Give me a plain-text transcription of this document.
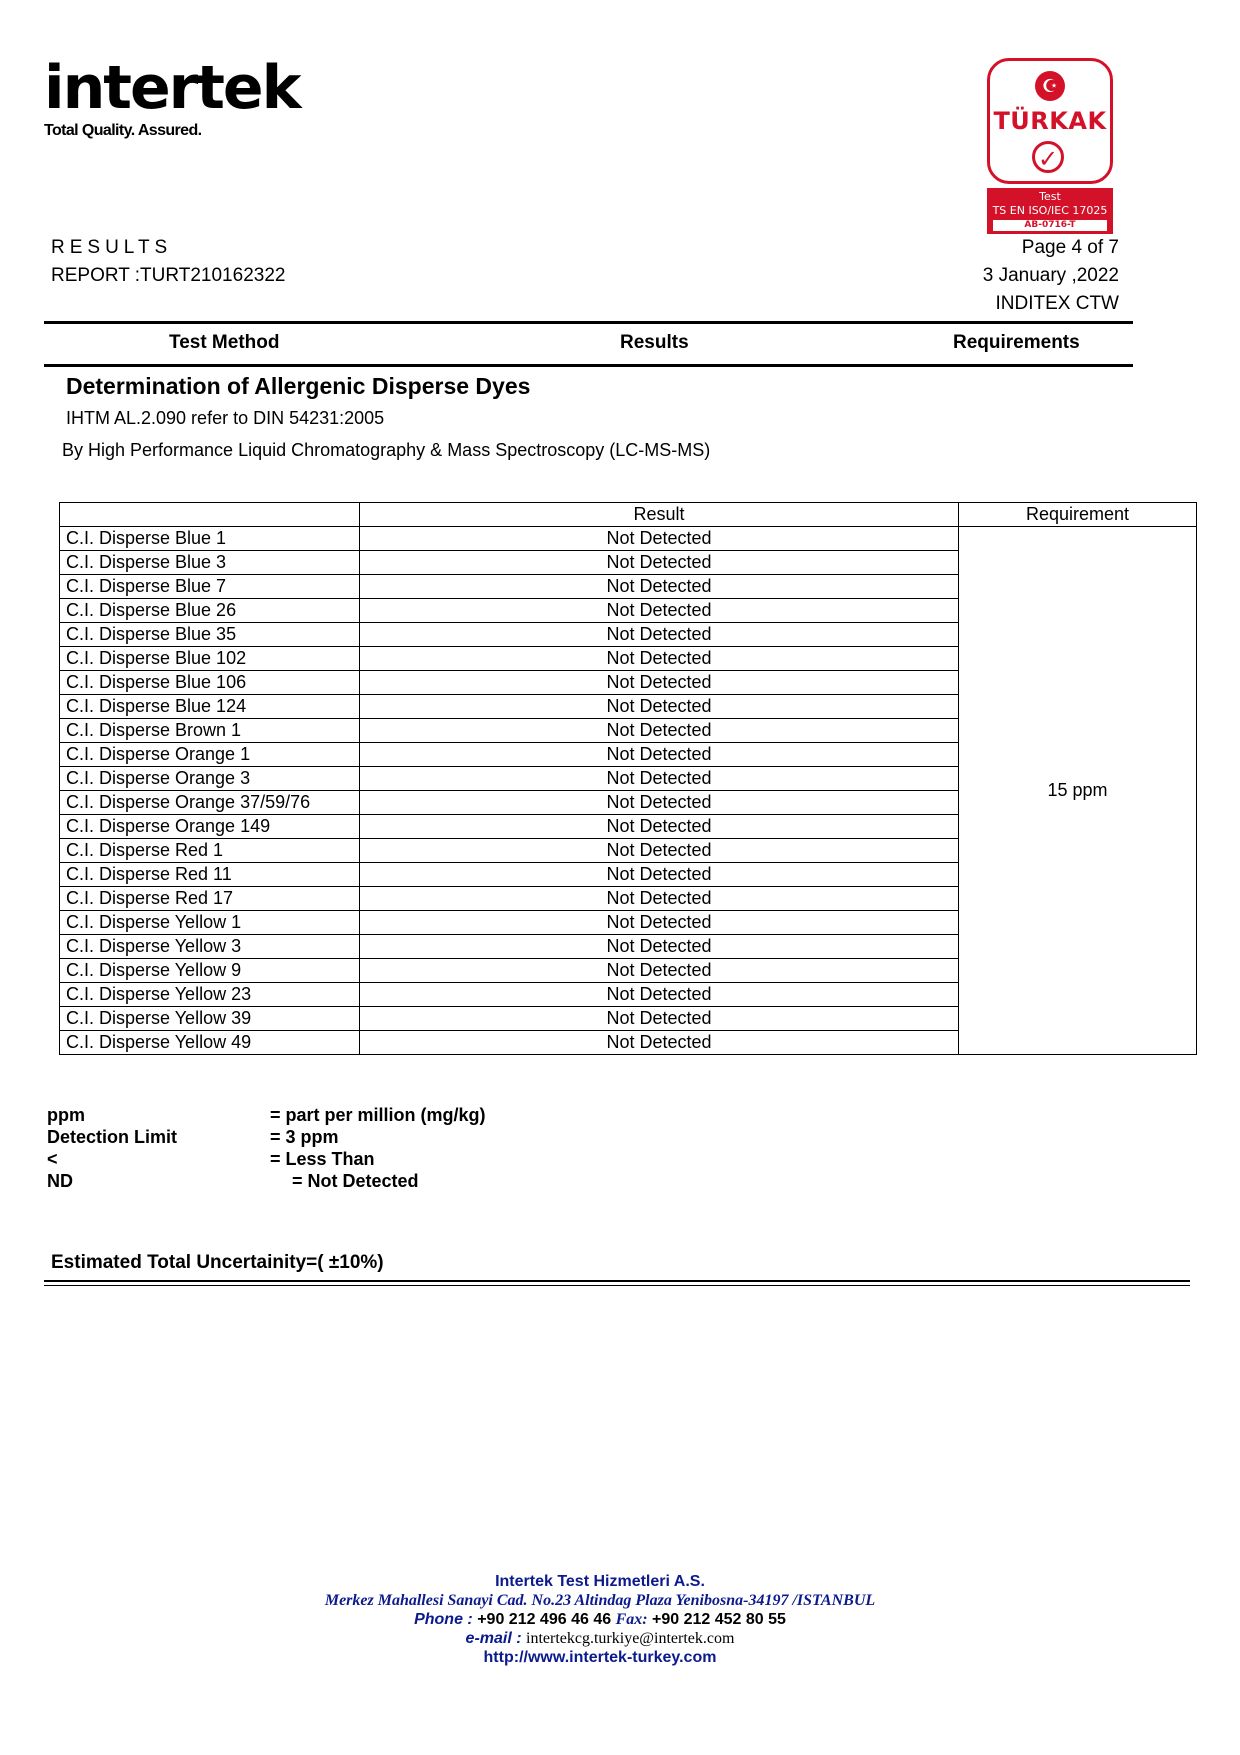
intertek
Total Quality. Assured.
☪
TÜRKAK
✓
Test
TS EN ISO/IEC 17025
AB-0716-T
RESULTS
REPORT :TURT210162322
Page 4 of 7
3 January ,2022
INDITEX CTW
Test Method	Results	Requirements
Determination of Allergenic Disperse Dyes
IHTM AL.2.090 refer to DIN 54231:2005
By High Performance Liquid Chromatography & Mass Spectroscopy (LC-MS-MS)
	Result	Requirement
C.I. Disperse Blue 1	Not Detected	15 ppm
C.I. Disperse Blue 3	Not Detected	
C.I. Disperse Blue 7	Not Detected	
C.I. Disperse Blue 26	Not Detected	
C.I. Disperse Blue 35	Not Detected	
C.I. Disperse Blue 102	Not Detected	
C.I. Disperse Blue 106	Not Detected	
C.I. Disperse Blue 124	Not Detected	
C.I. Disperse Brown 1	Not Detected	
C.I. Disperse Orange 1	Not Detected	
C.I. Disperse Orange 3	Not Detected	
C.I. Disperse Orange 37/59/76	Not Detected	
C.I. Disperse Orange 149	Not Detected	
C.I. Disperse Red 1	Not Detected	
C.I. Disperse Red 11	Not Detected	
C.I. Disperse Red 17	Not Detected	
C.I. Disperse Yellow 1	Not Detected	
C.I. Disperse Yellow 3	Not Detected	
C.I. Disperse Yellow 9	Not Detected	
C.I. Disperse Yellow 23	Not Detected	
C.I. Disperse Yellow 39	Not Detected	
C.I. Disperse Yellow 49	Not Detected	
ppm	= part per million (mg/kg)
Detection Limit	= 3 ppm
<	= Less Than
ND	= Not Detected
Estimated Total Uncertainity=( ±10%)
Intertek Test Hizmetleri A.S.
Merkez Mahallesi Sanayi Cad. No.23 Altindag Plaza Yenibosna-34197 /ISTANBUL
Phone : +90 212 496 46 46 Fax: +90 212 452 80 55
e-mail : intertekcg.turkiye@intertek.com
http://www.intertek-turkey.com
